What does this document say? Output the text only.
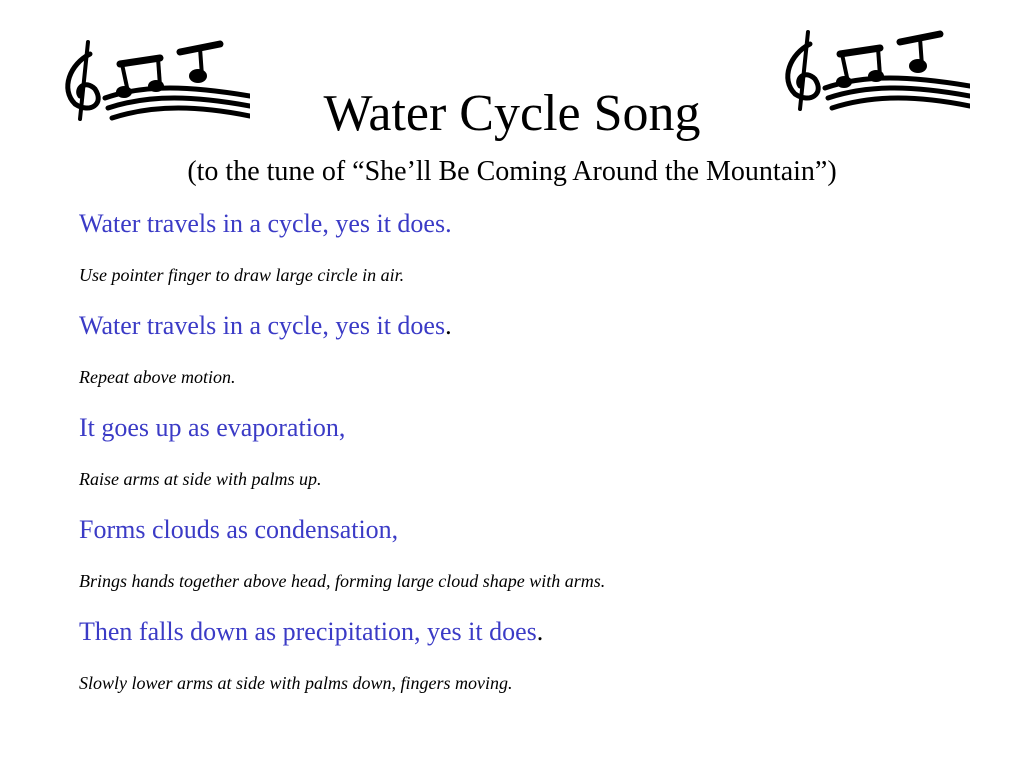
Water Cycle Song
(to the tune of “She’ll Be Coming Around the Mountain”)
Water travels in a cycle, yes it does.
Use pointer finger to draw large circle in air.
Water travels in a cycle, yes it does.
Repeat above motion.
It goes up as evaporation,
Raise arms at side with palms up.
Forms clouds as condensation,
Brings hands together above head, forming large cloud shape with arms.
Then falls down as precipitation, yes it does.
Slowly lower arms at side with palms down, fingers moving.
